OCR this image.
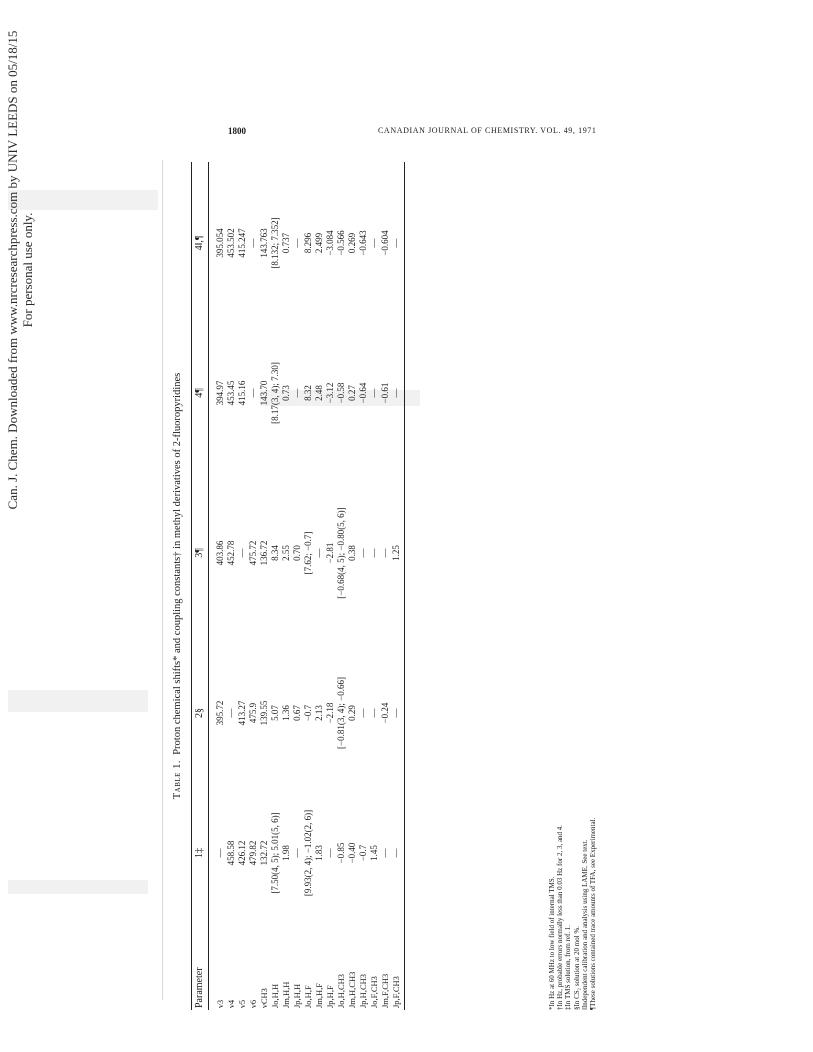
1800	CANADIAN JOURNAL OF CHEMISTRY. VOL. 49, 1971
Can. J. Chem. Downloaded from www.nrcresearchpress.com by UNIV LEEDS on 05/18/15 For personal use only.
Table 1.  Proton chemical shifts* and coupling constants† in methyl derivatives of 2-fluoropyridines
Parameter
1‡
2§
3¶
4¶
4‖,¶
ν3 ν4 ν5 ν6 νCH3 Jo,H,H Jm,H,H Jp,H,H Jo,H,F Jm,H,F Jp,H,F Jo,H,CH3 Jm,H,CH3 Jp,H,CH3 Jo,F,CH3 Jm,F,CH3 Jp,F,CH3
— 458.58 426.12 479.82 132.72 [7.50(4, 5); 5.01(5, 6)] 1.98 — [9.93(2, 4); −1.02(2, 6)] 1.83 — −0.85 −0.40 −0.7 1.45 — —
395.72 — 413.27 475.9 139.55 5.07 1.36 0.67 −0.7 2.13 −2.18 [−0.81(3, 4); −0.66] 0.29 — — −0.24 —
403.86 452.78 — 475.72 136.72 8.34 2.55 0.70 [7.62; −0.7] — −2.81 [−0.68(4, 5); −0.80(5, 6)] 0.38 — — — 1.25
394.97 453.45 415.16 — 143.70 [8.17(3, 4); 7.30] 0.73 — 8.32 2.48 −3.12 −0.58 0.27 −0.64 — −0.61 —
395.054 453.502 415.247 — 143.763 [8.132; 7.352] 0.737 — 8.296 2.499 −3.084 −0.566 0.269 −0.643 — −0.604 —
*In Hz at 60 MHz to low field of internal TMS. †In Hz, probable errors normally less than 0.03 Hz for 2, 3, and 4. ‡In TMS solution, from ref. 1. §In CS₂ solution at 20 mol %. ‖Independent calibration and analysis using LAME. See text. ¶These solutions contained trace amounts of TFA, see Experimental.
